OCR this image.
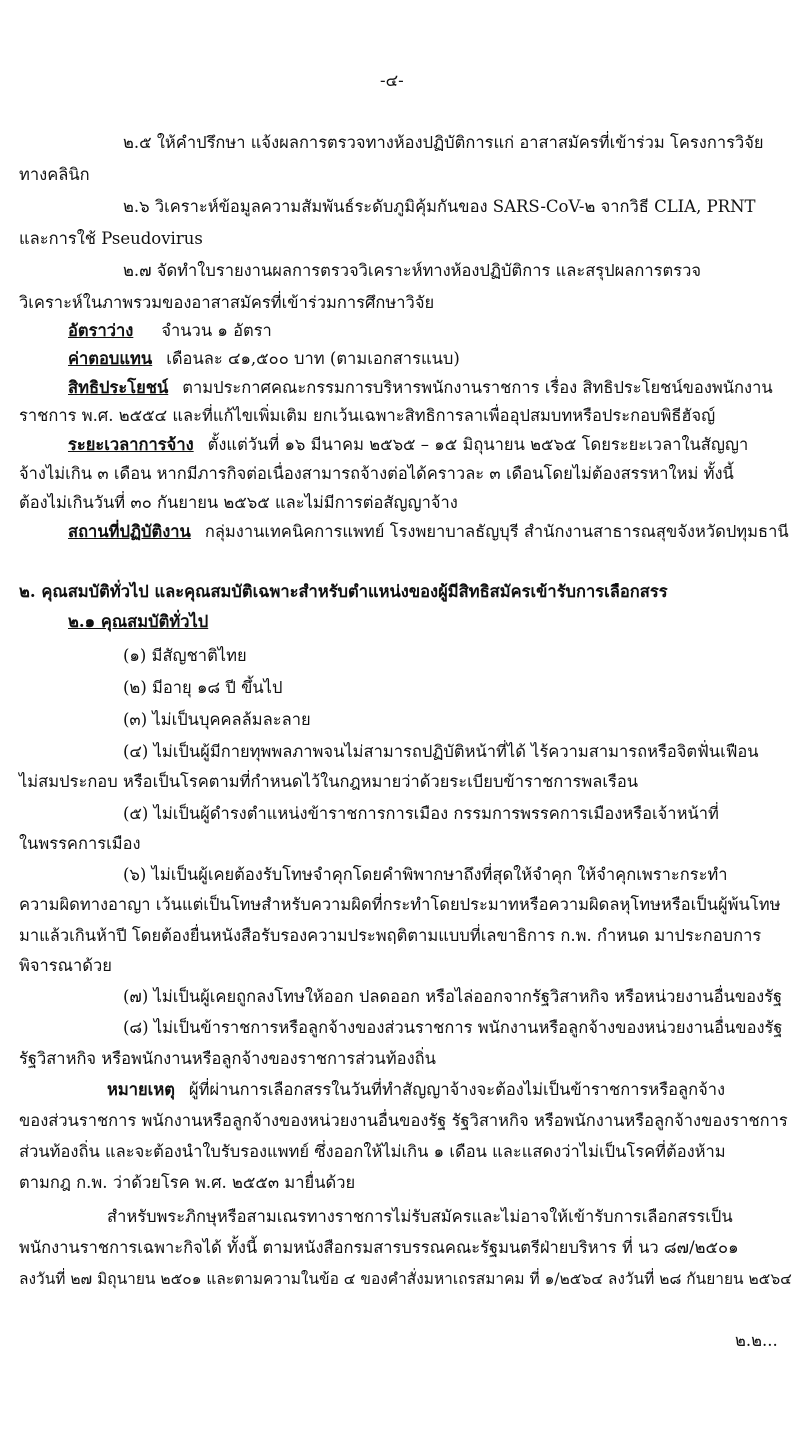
-๔-
๒.๕ ให้คำปรึกษา แจ้งผลการตรวจทางห้องปฏิบัติการแก่ อาสาสมัครที่เข้าร่วม โครงการวิจัย
ทางคลินิก
๒.๖ วิเคราะห์ข้อมูลความสัมพันธ์ระดับภูมิคุ้มกันของ SARS-CoV-๒ จากวิธี CLIA, PRNT
และการใช้ Pseudovirus
๒.๗ จัดทำใบรายงานผลการตรวจวิเคราะห์ทางห้องปฏิบัติการ และสรุปผลการตรวจ
วิเคราะห์ในภาพรวมของอาสาสมัครที่เข้าร่วมการศึกษาวิจัย
อัตราว่าง จำนวน ๑ อัตรา
ค่าตอบแทน เดือนละ ๔๑,๕๐๐ บาท (ตามเอกสารแนบ)
สิทธิประโยชน์ ตามประกาศคณะกรรมการบริหารพนักงานราชการ เรื่อง สิทธิประโยชน์ของพนักงาน
ราชการ พ.ศ. ๒๕๕๔ และที่แก้ไขเพิ่มเติม ยกเว้นเฉพาะสิทธิการลาเพื่ออุปสมบทหรือประกอบพิธีฮัจญ์
ระยะเวลาการจ้าง ตั้งแต่วันที่ ๑๖ มีนาคม ๒๕๖๕ – ๑๕ มิถุนายน ๒๕๖๕ โดยระยะเวลาในสัญญา
จ้างไม่เกิน ๓ เดือน หากมีภารกิจต่อเนื่องสามารถจ้างต่อได้คราวละ ๓ เดือนโดยไม่ต้องสรรหาใหม่ ทั้งนี้
ต้องไม่เกินวันที่ ๓๐ กันยายน ๒๕๖๕ และไม่มีการต่อสัญญาจ้าง
สถานที่ปฏิบัติงาน กลุ่มงานเทคนิคการแพทย์ โรงพยาบาลธัญบุรี สำนักงานสาธารณสุขจังหวัดปทุมธานี
๒. คุณสมบัติทั่วไป และคุณสมบัติเฉพาะสำหรับตำแหน่งของผู้มีสิทธิสมัครเข้ารับการเลือกสรร
๒.๑ คุณสมบัติทั่วไป
(๑) มีสัญชาติไทย
(๒) มีอายุ ๑๘ ปี ขึ้นไป
(๓) ไม่เป็นบุคคลล้มละลาย
(๔) ไม่เป็นผู้มีกายทุพพลภาพจนไม่สามารถปฏิบัติหน้าที่ได้ ไร้ความสามารถหรือจิตฟั่นเฟือน
ไม่สมประกอบ หรือเป็นโรคตามที่กำหนดไว้ในกฎหมายว่าด้วยระเบียบข้าราชการพลเรือน
(๕) ไม่เป็นผู้ดำรงตำแหน่งข้าราชการการเมือง กรรมการพรรคการเมืองหรือเจ้าหน้าที่
ในพรรคการเมือง
(๖) ไม่เป็นผู้เคยต้องรับโทษจำคุกโดยคำพิพากษาถึงที่สุดให้จำคุก ให้จำคุกเพราะกระทำ
ความผิดทางอาญา เว้นแต่เป็นโทษสำหรับความผิดที่กระทำโดยประมาทหรือความผิดลหุโทษหรือเป็นผู้พ้นโทษ
มาแล้วเกินห้าปี โดยต้องยื่นหนังสือรับรองความประพฤติตามแบบที่เลขาธิการ ก.พ. กำหนด มาประกอบการ
พิจารณาด้วย
(๗) ไม่เป็นผู้เคยถูกลงโทษให้ออก ปลดออก หรือไล่ออกจากรัฐวิสาหกิจ หรือหน่วยงานอื่นของรัฐ
(๘) ไม่เป็นข้าราชการหรือลูกจ้างของส่วนราชการ พนักงานหรือลูกจ้างของหน่วยงานอื่นของรัฐ
รัฐวิสาหกิจ หรือพนักงานหรือลูกจ้างของราชการส่วนท้องถิ่น
หมายเหตุ ผู้ที่ผ่านการเลือกสรรในวันที่ทำสัญญาจ้างจะต้องไม่เป็นข้าราชการหรือลูกจ้าง
ของส่วนราชการ พนักงานหรือลูกจ้างของหน่วยงานอื่นของรัฐ รัฐวิสาหกิจ หรือพนักงานหรือลูกจ้างของราชการ
ส่วนท้องถิ่น และจะต้องนำใบรับรองแพทย์ ซึ่งออกให้ไม่เกิน ๑ เดือน และแสดงว่าไม่เป็นโรคที่ต้องห้าม
ตามกฎ ก.พ. ว่าด้วยโรค พ.ศ. ๒๕๕๓ มายื่นด้วย
สำหรับพระภิกษุหรือสามเณรทางราชการไม่รับสมัครและไม่อาจให้เข้ารับการเลือกสรรเป็น
พนักงานราชการเฉพาะกิจได้ ทั้งนี้ ตามหนังสือกรมสารบรรณคณะรัฐมนตรีฝ่ายบริหาร ที่ นว ๘๗/๒๕๐๑
ลงวันที่ ๒๗ มิถุนายน ๒๕๐๑ และตามความในข้อ ๔ ของคำสั่งมหาเถรสมาคม ที่ ๑/๒๕๖๔ ลงวันที่ ๒๘ กันยายน ๒๕๖๔
๒.๒...
